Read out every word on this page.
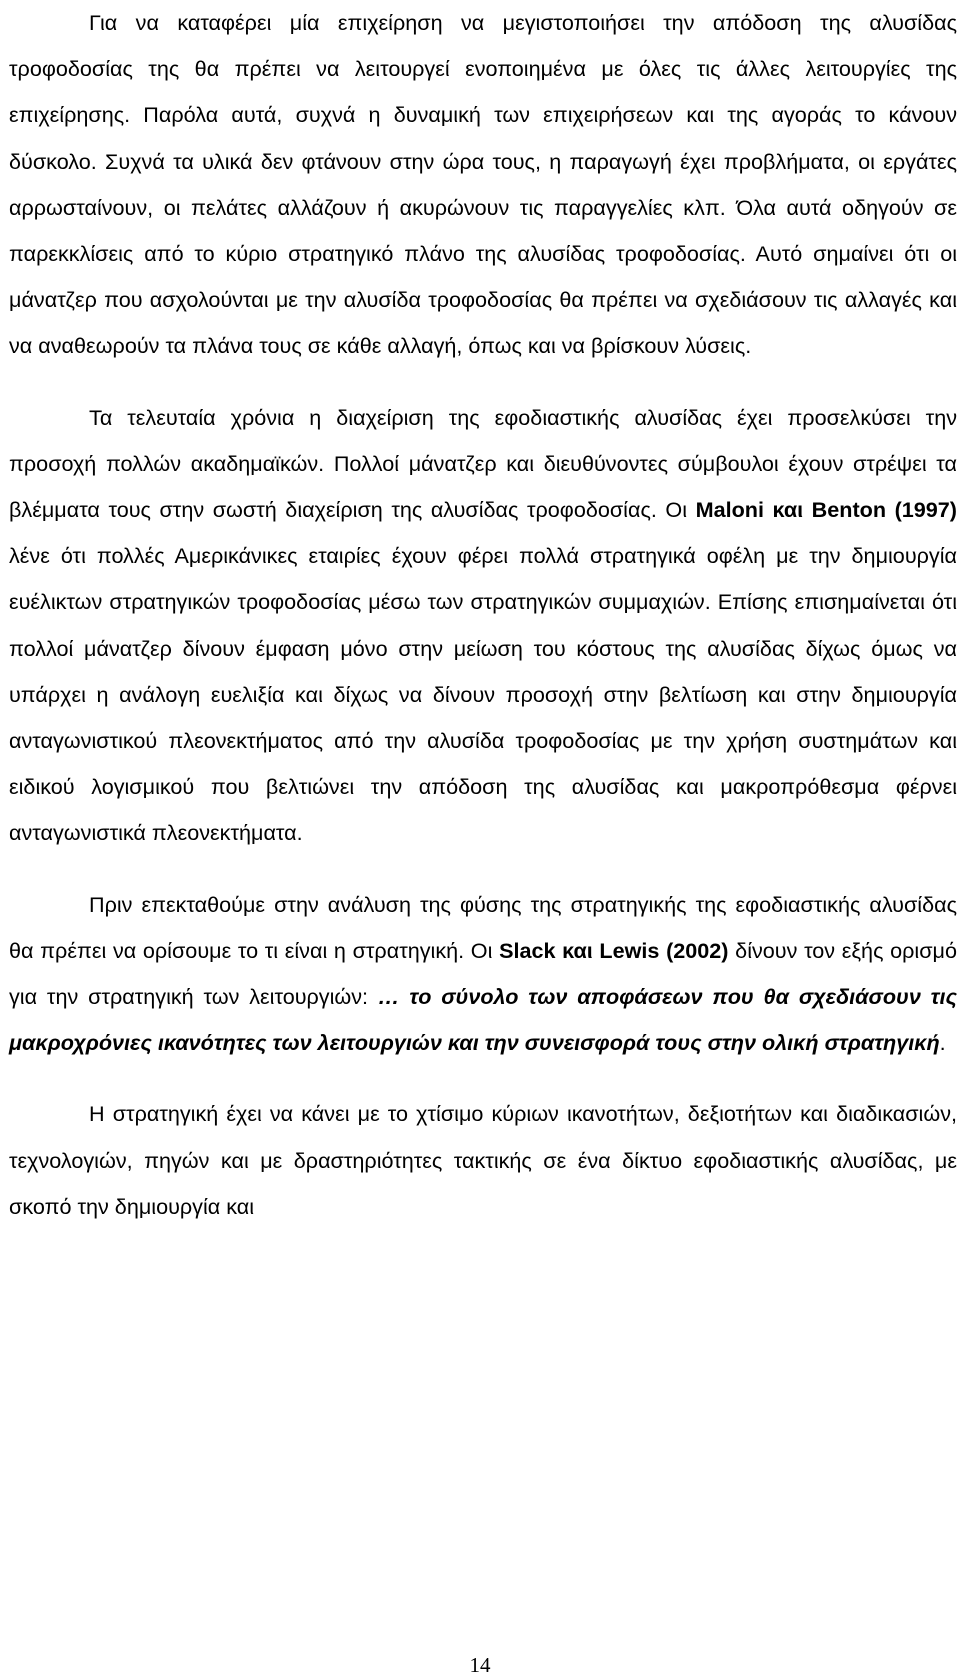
Για να καταφέρει μία επιχείρηση να μεγιστοποιήσει την απόδοση της αλυσίδας τροφοδοσίας της θα πρέπει να λειτουργεί ενοποιημένα με όλες τις άλλες λειτουργίες της επιχείρησης. Παρόλα αυτά, συχνά η δυναμική των επιχειρήσεων και της αγοράς το κάνουν δύσκολο. Συχνά τα υλικά δεν φτάνουν στην ώρα τους, η παραγωγή έχει προβλήματα, οι εργάτες αρρωσταίνουν, οι πελάτες αλλάζουν ή ακυρώνουν τις παραγγελίες κλπ. Όλα αυτά οδηγούν σε παρεκκλίσεις από το κύριο στρατηγικό πλάνο της αλυσίδας τροφοδοσίας. Αυτό σημαίνει ότι οι μάνατζερ που ασχολούνται με την αλυσίδα τροφοδοσίας θα πρέπει να σχεδιάσουν τις αλλαγές και να αναθεωρούν τα πλάνα τους σε κάθε αλλαγή, όπως και να βρίσκουν λύσεις.

Τα τελευταία χρόνια η διαχείριση της εφοδιαστικής αλυσίδας έχει προσελκύσει την προσοχή πολλών ακαδημαϊκών. Πολλοί μάνατζερ και διευθύνοντες σύμβουλοι έχουν στρέψει τα βλέμματα τους στην σωστή διαχείριση της αλυσίδας τροφοδοσίας. Οι Maloni και Benton (1997) λένε ότι πολλές Αμερικάνικες εταιρίες έχουν φέρει πολλά στρατηγικά οφέλη με την δημιουργία ευέλικτων στρατηγικών τροφοδοσίας μέσω των στρατηγικών συμμαχιών. Επίσης επισημαίνεται ότι πολλοί μάνατζερ δίνουν έμφαση μόνο στην μείωση του κόστους της αλυσίδας δίχως όμως να υπάρχει η ανάλογη ευελιξία και δίχως να δίνουν προσοχή στην βελτίωση και στην δημιουργία ανταγωνιστικού πλεονεκτήματος από την αλυσίδα τροφοδοσίας με την χρήση συστημάτων και ειδικού λογισμικού που βελτιώνει την απόδοση της αλυσίδας και μακροπρόθεσμα φέρνει ανταγωνιστικά πλεονεκτήματα.

Πριν επεκταθούμε στην ανάλυση της φύσης της στρατηγικής της εφοδιαστικής αλυσίδας θα πρέπει να ορίσουμε το τι είναι η στρατηγική. Οι Slack και Lewis (2002) δίνουν τον εξής ορισμό για την στρατηγική των λειτουργιών: … το σύνολο των αποφάσεων που θα σχεδιάσουν τις μακροχρόνιες ικανότητες των λειτουργιών και την συνεισφορά τους στην ολική στρατηγική.

Η στρατηγική έχει να κάνει με το χτίσιμο κύριων ικανοτήτων, δεξιοτήτων και διαδικασιών, τεχνολογιών, πηγών και με δραστηριότητες τακτικής σε ένα δίκτυο εφοδιαστικής αλυσίδας, με σκοπό την δημιουργία και

14
